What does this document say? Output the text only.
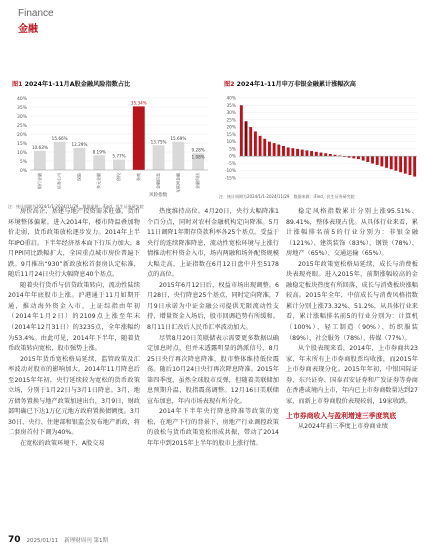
Finance
金融
图1 2024年1-11月A股金融风险指数占比
40%
35%
30%
25%
20%
15%
10%
5%
0%
10.63%
银行金融
15.66%
证券公司
12.29%
保险
8.19%
多元金融
5.77%
创投
35.34%
券商
13.75%
金融信息
15.69%
互联网金融
9.28%
金融科技
1.08%
风险指数
注：统计周期为2024/1/1-2024/11/29　数据来源：iFind、民生证券研究院
图2 2024年1-11月申万非银金融累计涨幅次高
40%
35%
30%
25%
20%
15%
10%
5%
0%
-5%
-10%
-15%
注：统计周期为2024/1/1-2024/11/29　数据来源：iFind、民生证券研究院

房价高企、基建与地产投资需求旺盛，货币环境整体偏紧。进入2014年，楼市降温叠加物价走弱，货币政策放松逐步发力。2014年上半年IPO重启。下半年经济基本面下行压力加大，8月PPI同比跌幅扩大，全国重点城市房价普遍下跌。9月推出“930”新政放松首套房认定标准，随后11月24日央行大幅降息40个基点。

随着央行货币与信贷政策转向，流动性陆续2014年年底股市上涨。沪港通于11月如期开通，推动海外资金入市，上证综指由年初（2014年1月2日）的2109点上涨至年末（2014年12月31日）的3235点，全年涨幅约为53.4%。由此可见，2014年下半年，随着货币政策转向宽松，股市强势上涨。

2015年货币宽松格局延续，监管政策及汇率波动对股市的影响加大。2014年11月降息后至2015年年初，央行延续较为宽松的货币政策立场，分别于1月22日与3月1日降息。3月，地方债务置换与地产政策加速出台，3月9日，财政部明确已下达1万亿元地方政府置换债额度。3月30日，央行、住建部和银监会发布地产新政，将二套房首付下调为40%。

在宽松的政策环境下，A股交易

热度维持高位。4月20日，央行大幅降准1个百分点，同时对农村金融机构定向降准。5月11日调降1年期存贷款利率各25个基点。受益于央行的连续降准降息，流动性宽松环境与上涨行情推动杠杆资金入市，场内两融和场外配资规模大幅走高，上证指数在6月12日盘中升至5178点的高位。

2015年6月12日后，权益市场出现调整。6月28日，央行降息25个基点，同时定向降准，7月9日承诺为中证金融公司提供无限流动性支持，增量资金入场后，股市回调趋势有所缓和。8月11日汇改后人民币汇率波动加大。

尽管8月20日美联储表示需要更多数据以确定加息时点，但并未透露明显的鸽派信号，8月25日央行再次降息降准，股市整体维持低位震荡。随后10月24日央行再次降息降准。2015年第四季度，虽然全球股市反弹，但随着美联储加息预期升温，股指震荡调整。12月16日美联储宣布加息，年内市场表现有所分化。

2014年下半年央行降息降准等政策的宽松，在地产下行的背景下，房地产行业调控政策的放松与货币政策宽松形成共振，带动了2014年年中到2015年上半年的股市上涨行情。

稳定风格指数累计分别上涨95.51%、89.41%，整体表现占优。从具体行业来看，累计涨幅排名前5的行业分别为：非银金融（121%）、建筑装饰（83%）、钢铁（78%）、房地产（65%）、交通运输（65%）。

2015年政策宽松格局延续，成长与消费板块表现亮眼。进入2015年，前期涨幅较高的金融稳定板块热度有所回落，成长与消费板块涨幅较高。2015年全年，中信成长与消费风格指数累计分别上涨73.32%、51.2%，从具体行业来看，累计涨幅排名前5的行业分别为：计算机（100%）、轻工制造（90%）、纺织服装（89%）、社会服务（78%）、传媒（77%）。

从个股表现来看，2014年，上市券商共23家，年末所有上市券商股票均收涨，而2015年上市券商表现分化。2015年年初，中银国际证券、东兴证券、国泰君安证券和广发证券等券商在香港或境内上市，年内已上市券商数量达到27家，而新上市券商股价表现较弱，19家收跌。

上市券商收入与盈利增速三季度筑底

从2024年前三季度上市券商业绩

70 2025/01/11 新理财周刊 第1期
